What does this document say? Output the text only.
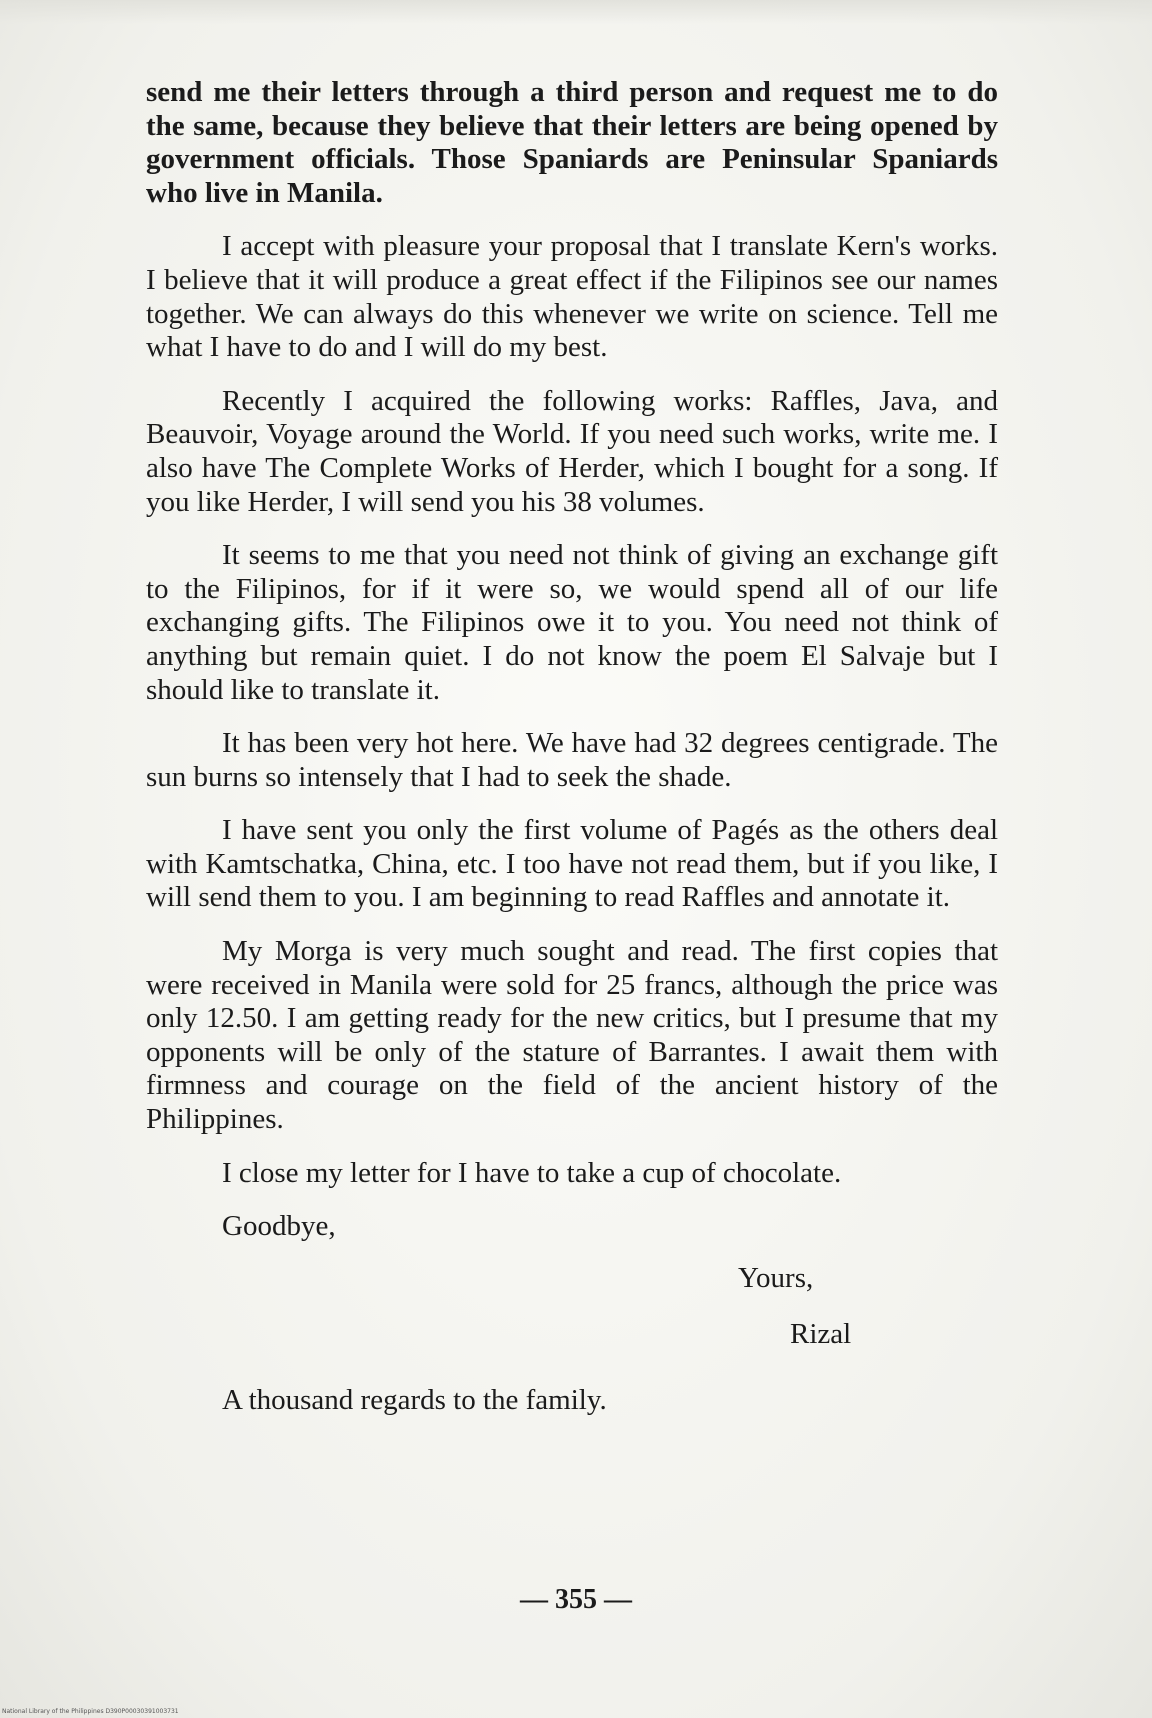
send me their letters through a third person and request me to do the same, because they believe that their letters are being opened by government officials. Those Spaniards are Peninsular Spaniards who live in Manila.

I accept with pleasure your proposal that I translate Kern's works. I believe that it will produce a great effect if the Filipinos see our names together. We can always do this whenever we write on science. Tell me what I have to do and I will do my best.

Recently I acquired the following works: Raffles, Java, and Beauvoir, Voyage around the World. If you need such works, write me. I also have The Complete Works of Herder, which I bought for a song. If you like Herder, I will send you his 38 volumes.

It seems to me that you need not think of giving an exchange gift to the Filipinos, for if it were so, we would spend all of our life exchanging gifts. The Filipinos owe it to you. You need not think of anything but remain quiet. I do not know the poem El Salvaje but I should like to translate it.

It has been very hot here. We have had 32 degrees centigrade. The sun burns so intensely that I had to seek the shade.

I have sent you only the first volume of Pagés as the others deal with Kamtschatka, China, etc. I too have not read them, but if you like, I will send them to you. I am beginning to read Raffles and annotate it.

My Morga is very much sought and read. The first copies that were received in Manila were sold for 25 francs, although the price was only 12.50. I am getting ready for the new critics, but I presume that my opponents will be only of the stature of Barrantes. I await them with firmness and courage on the field of the ancient history of the Philippines.

I close my letter for I have to take a cup of chocolate.

Goodbye,

Yours,
Rizal
A thousand regards to the family.
— 355 —
National Library of the Philippines D390P00030391003731
